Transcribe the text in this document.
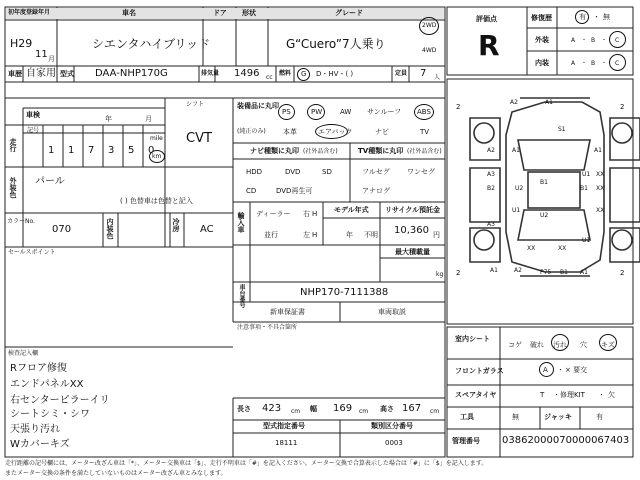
初年度登録年月	車名	ドア 形状	グレード
H29
11 月
シエンタハイブリッド	G“Cuero”7人乗り
2WD
4WD
車歴 自家用 型式 DAA-NHP170G	排気量 1496 cc
燃料 G D・HV・( )	定員 7 人
車検	年	月
シフト
CVT
走行
記号
1 1 7 3 5 0
mile
km
外装色 パール
( ) 色替車は色替と記入
カラーNo.
070	内装色	冷房 AC
装備品に丸印
(純正のみ)
PS	PW	AW サンルーフ ABS
本革	エアバック	ナビ	TV
ナビ種類に丸印 (社外品含む)	TV種類に丸印 (社外品含む)
HDD	DVD	SD
CD	DVD再生可
フルセグ ワンセグ
アナログ
輸入車 ディーラー
並行
右 H
左 H
モデル年式
年 不明
リサイクル預託金
10,360 円
最大積載量
kg
車台番号	NHP170-7111388
新車保証書	車両取説
セールスポイント
注意事項・不具合箇所
検査記入欄
Rフロア修復
エンドパネルXX
右センターピラーイリ
シートシミ・シワ
天張り汚れ
Wカバーキズ
長さ 423 cm 幅 169 cm 高さ 167 cm
型式指定番号
18111
類別区分番号
0003
評価点
R
修復歴	有 ・ 無
外装	A ・ B ・ C
内装	A ・ B ・ C
2	2
2	2
A2	A1
S1
A2	A1	A1
A3	U1 XX
B2	U2	B1 XX
B1
U1	XX
A3
U2
XX	XX
U1
A1	A2	P75 B1 A1
室内シート
コゲ 破れ 汚れ 穴 キズ
フロントガラス	A ・ × 要交
スペアタイヤ	T ・ 修理KIT ・ 欠
工具	無	ジャッキ	有
管理番号 03862000070000067403
走行距離の記号欄には、メーター改ざん車は「*」、メーター交換車は「$」、走行不明車は「#」を記入ください。メーター交換で合算表示した場合は「#」に「$」を記入します。
またメーター交換の条件を満たしていないものはメーター改ざん車とみなします。
